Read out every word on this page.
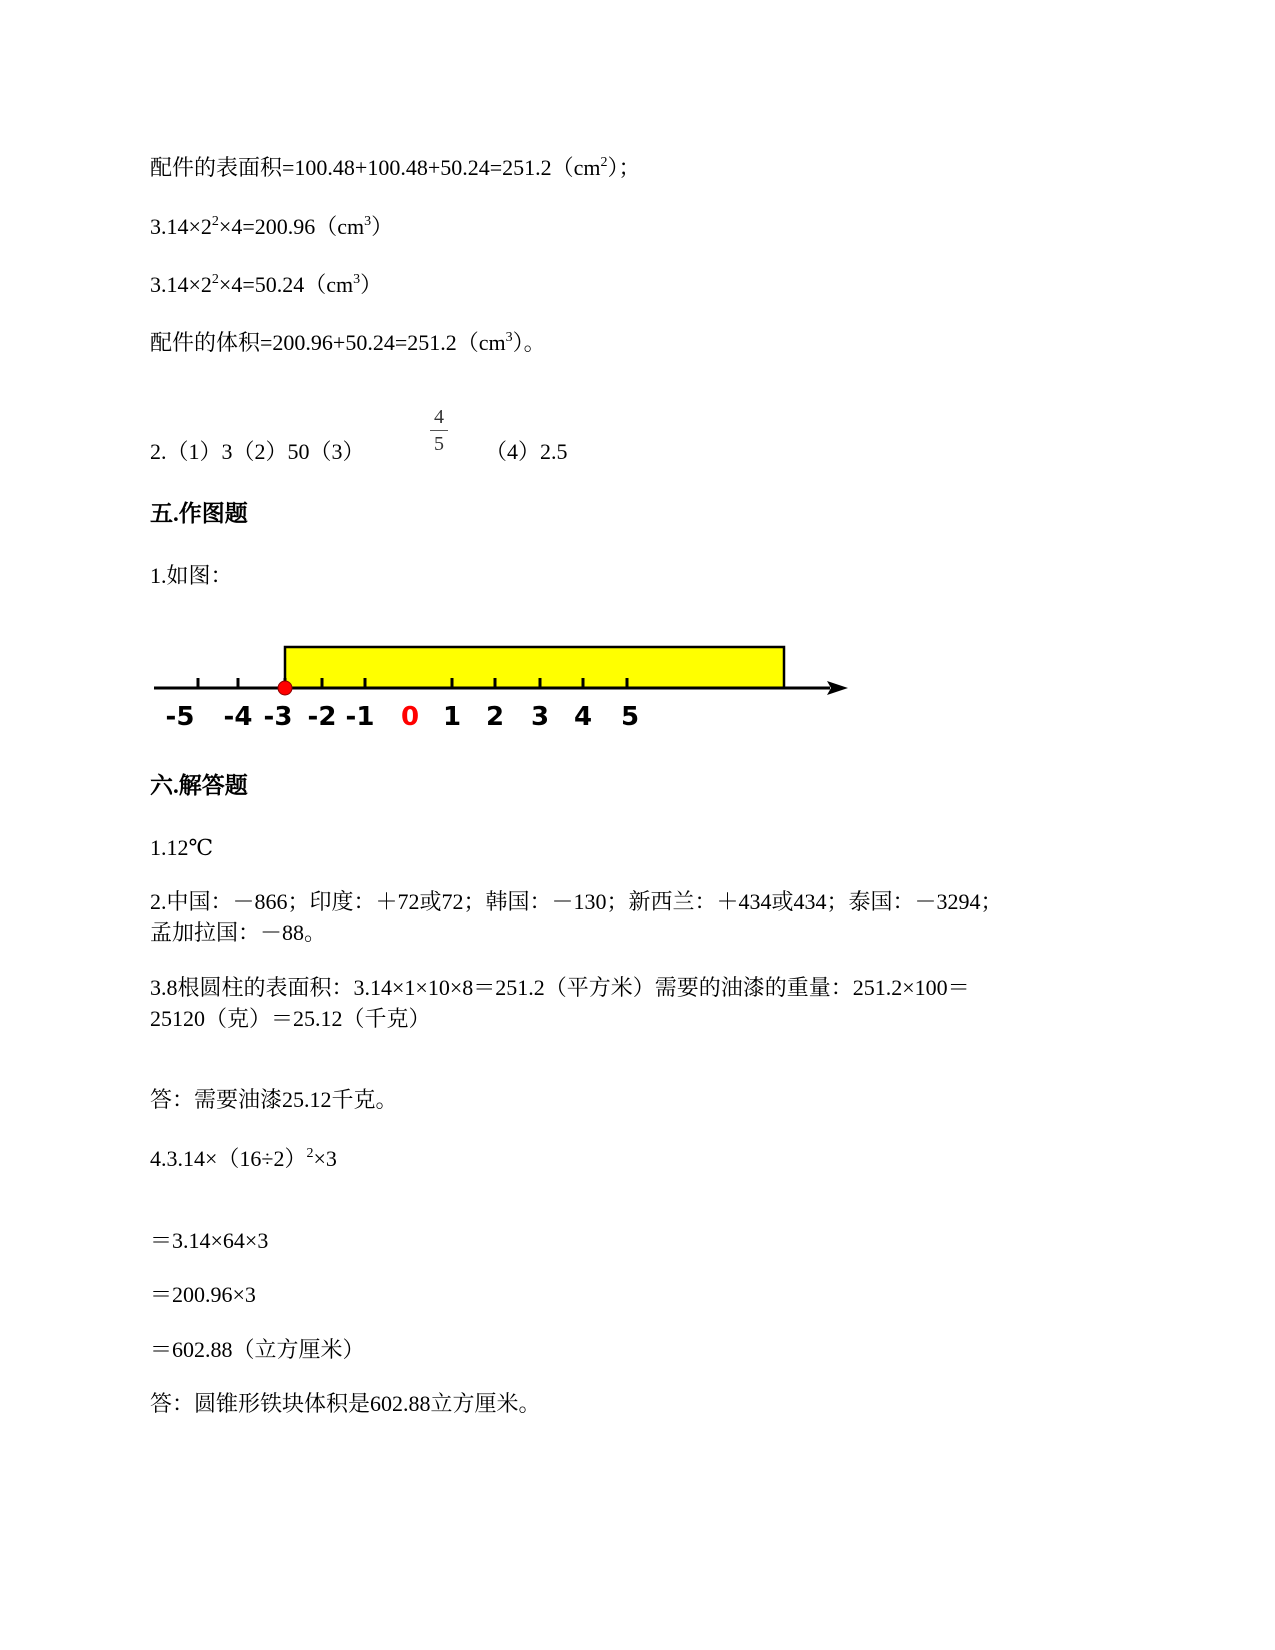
配件的表面积$=100.48+100.48+50.24=251.2(cm^2)$；
$3.14\times 2^2\times 4=200.96(cm^3)$
$3.14\times 2^2\times 4=50.24(cm^3)$
配件的体积$=200.96+50.24=251.2(cm^3)$。
2.（1）3（2）50（3）
4
5 （4）2.5
五.作图题
1.如图：
-5 -4 -3 -2 -1 0 1 2 3 4 5
六.解答题
1.12℃
2.中国：－866；印度：＋72或72；韩国：－130；新西兰：＋434或434；泰国：－3294；
孟加拉国：－88。
3.8根圆柱的表面积：3.14×1×10×8＝251.2（平方米）需要的油漆的重量：251.2×100＝
25120（克）＝25.12（千克）
答：需要油漆25.12千克。
$4.3.14\times(16\div 2)^2\times 3$
＝3.14×64×3
＝200.96×3
＝602.88（立方厘米）
答：圆锥形铁块体积是602.88立方厘米。
